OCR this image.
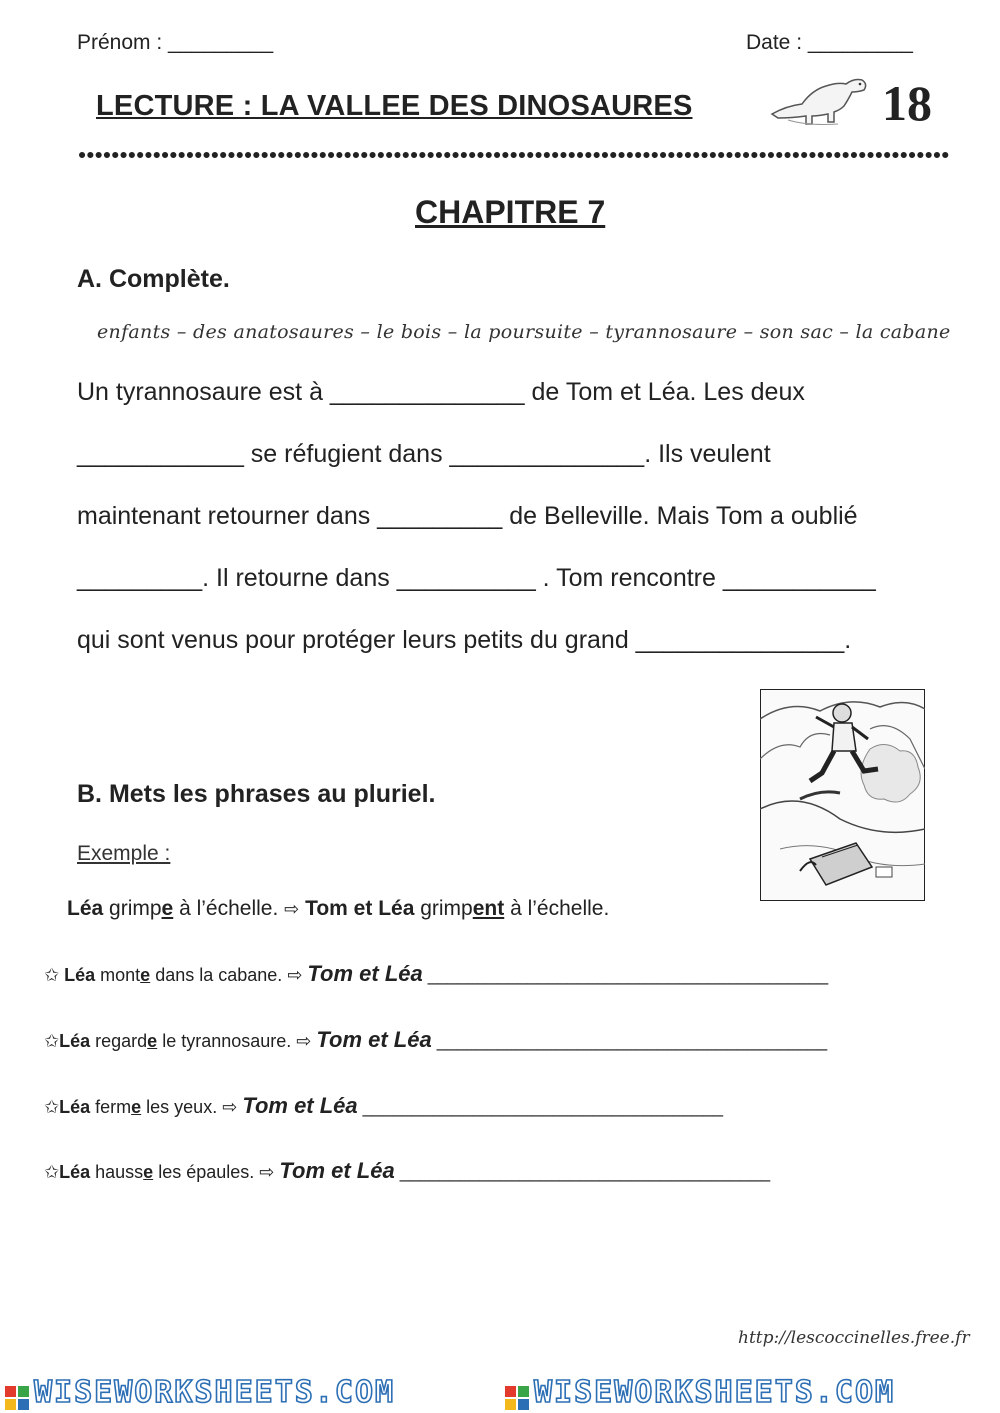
Prénom : _________	Date : _________
LECTURE : LA VALLEE DES DINOSAURES	18
CHAPITRE 7
A. Complète.
enfants – des anatosaures – le bois – la poursuite – tyrannosaure – son sac – la cabane
Un tyrannosaure est à ______________ de Tom et Léa. Les deux
____________ se réfugient dans ______________. Ils veulent
maintenant retourner dans _________ de Belleville. Mais Tom a oublié
_________. Il retourne dans __________ . Tom rencontre ___________
qui sont venus pour protéger leurs petits du grand _______________.
B. Mets les phrases au pluriel.
Exemple :
Léa grimpe à l’échelle. ⇨ Tom et Léa grimpent à l’échelle.
✩ Léa monte dans la cabane. ⇨ Tom et Léa ________________________________________
✩Léa regarde le tyrannosaure. ⇨ Tom et Léa _______________________________________
✩Léa ferme les yeux. ⇨ Tom et Léa ____________________________________
✩Léa hausse les épaules. ⇨ Tom et Léa _____________________________________
http://lescoccinelles.free.fr
WISEWORKSHEETS.COM	WISEWORKSHEETS.COM
